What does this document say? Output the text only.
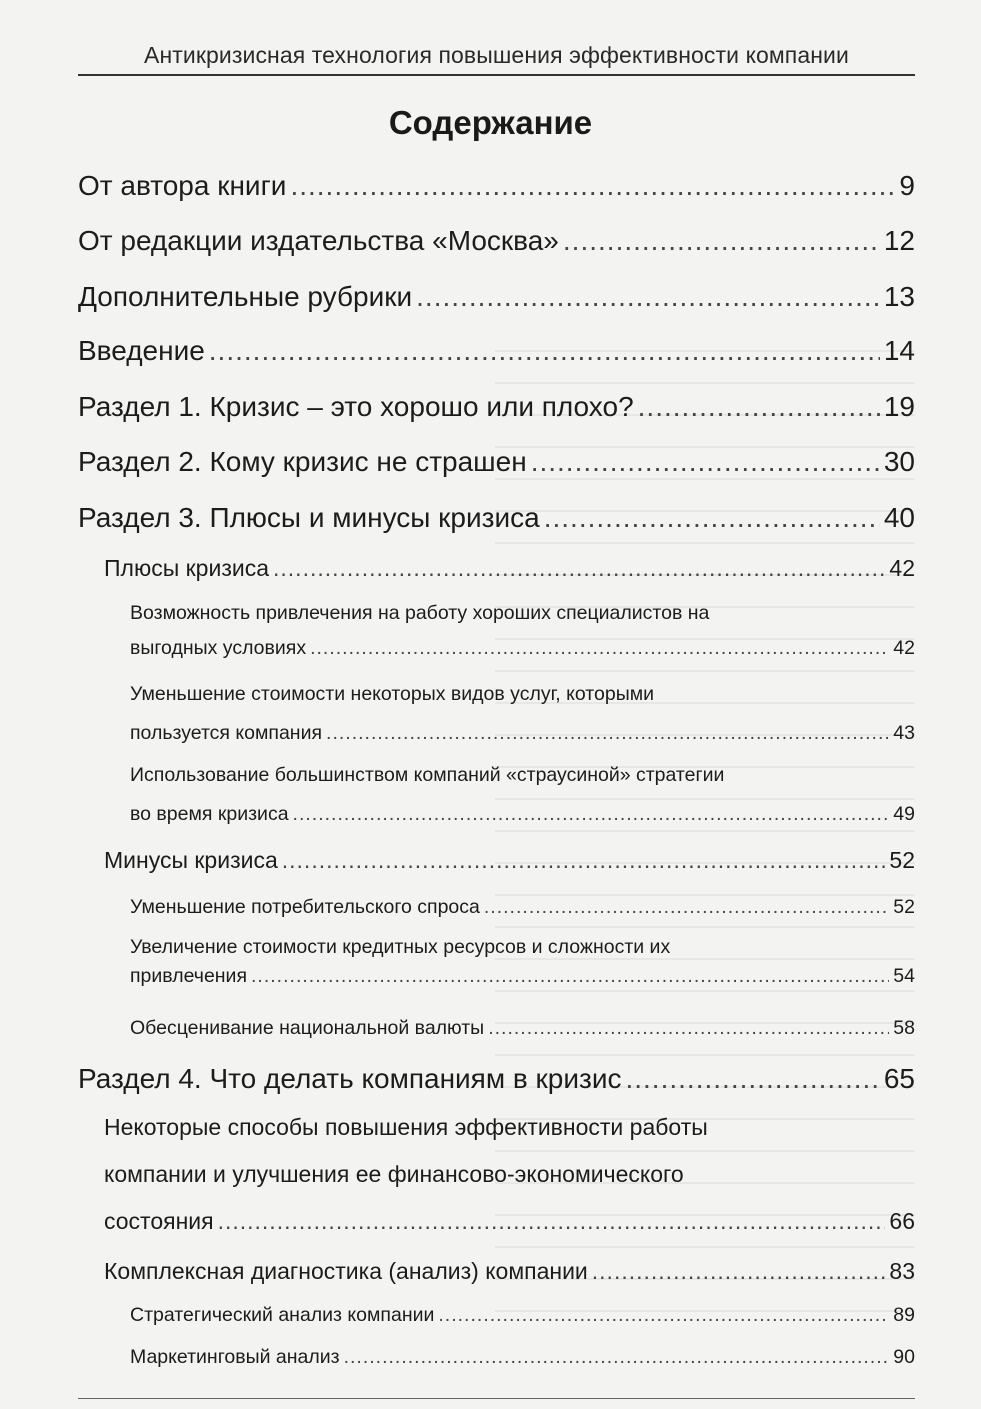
Антикризисная технология повышения эффективности компании
Содержание
От автора книги .....	9
От редакции издательства «Москва» .....	12
Дополнительные рубрики .....	13
Введение .....	14
Раздел 1. Кризис – это хорошо или плохо? .....	19
Раздел 2. Кому кризис не страшен .....	30
Раздел 3. Плюсы и минусы кризиса .....	40
Плюсы кризиса .....	42
Возможность привлечения на работу хороших специалистов на
выгодных условиях .....	42
Уменьшение стоимости некоторых видов услуг, которыми
пользуется компания .....	43
Использование большинством компаний «страусиной» стратегии
во время кризиса .....	49
Минусы кризиса .....	52
Уменьшение потребительского спроса .....	52
Увеличение стоимости кредитных ресурсов и сложности их
привлечения .....	54
Обесценивание национальной валюты .....	58
Раздел 4. Что делать компаниям в кризис .....	65
Некоторые способы повышения эффективности работы
компании и улучшения ее финансово-экономического
состояния .....	66
Комплексная диагностика (анализ) компании .....	83
Стратегический анализ компании .....	89
Маркетинговый анализ .....	90
